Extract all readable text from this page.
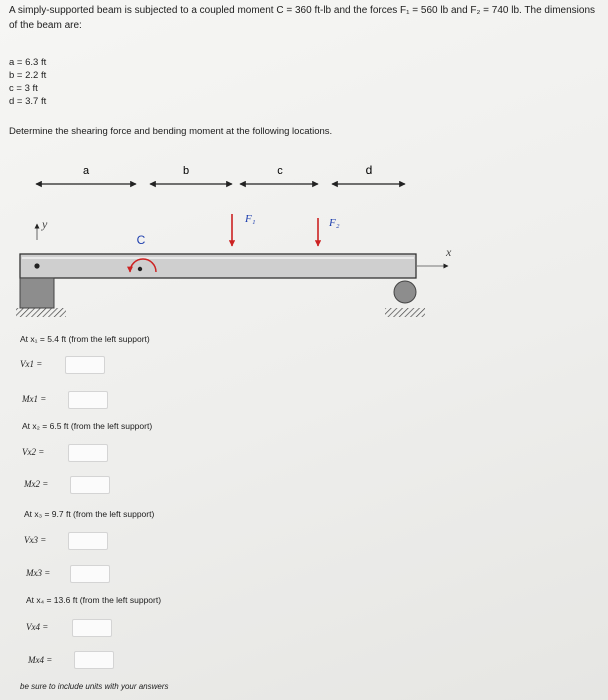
A simply-supported beam is subjected to a coupled moment C = 360 ft-lb and the forces F₁ = 560 lb and F₂ = 740 lb. The dimensions of the beam are:
a = 6.3 ft
b = 2.2 ft
c = 3 ft
d = 3.7 ft
Determine the shearing force and bending moment at the following locations.
a	b	c	d
y
C
F₁	F₂
x
At x₁ = 5.4 ft (from the left support)
Vx1 =
Mx1 =
At x₂ = 6.5 ft (from the left support)
Vx2 =
Mx2 =
At x₃ = 9.7 ft (from the left support)
Vx3 =
Mx3 =
At x₄ = 13.6 ft (from the left support)
Vx4 =
Mx4 =
be sure to include units with your answers
